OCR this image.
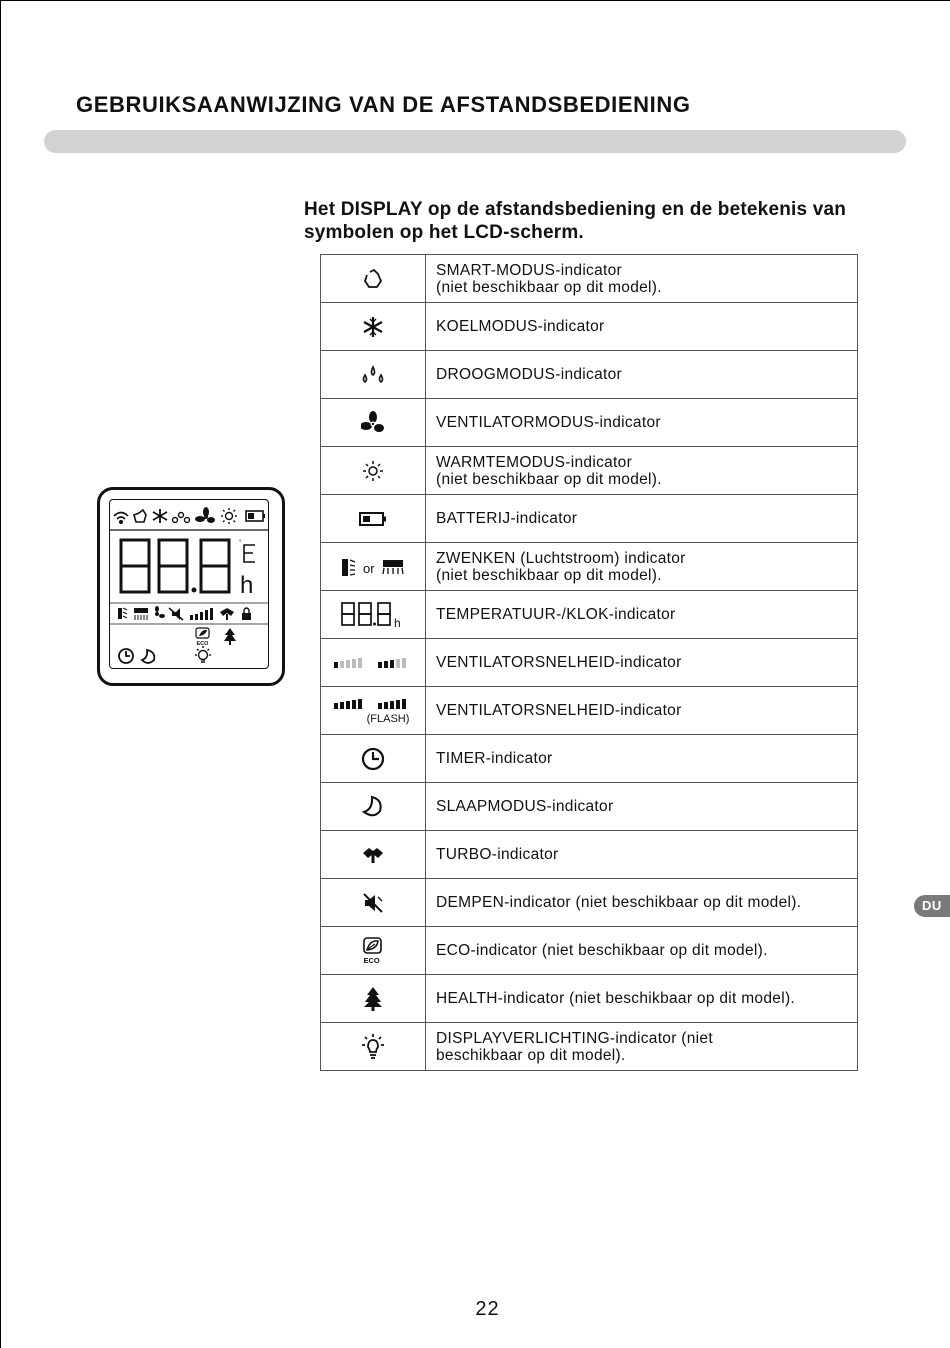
GEBRUIKSAANWIJZING VAN DE AFSTANDSBEDIENING
Het DISPLAY op de afstandsbediening en de betekenis van symbolen op het LCD-scherm.
°
h
ECO

SMART-MODUS-indicator
(niet beschikbaar op dit model).

KOELMODUS-indicator

DROOGMODUS-indicator

VENTILATORMODUS-indicator

WARMTEMODUS-indicator
(niet beschikbaar op dit model).

BATTERIJ-indicator

or	ZWENKEN (Luchtstroom) indicator
(niet beschikbaar op dit model).

h	TEMPERATUUR-/KLOK-indicator

VENTILATORSNELHEID-indicator

(FLASH)	VENTILATORSNELHEID-indicator

TIMER-indicator

SLAAPMODUS-indicator

TURBO-indicator

DEMPEN-indicator (niet beschikbaar op dit model).

ECO	ECO-indicator (niet beschikbaar op dit model).

HEALTH-indicator (niet beschikbaar op dit model).

DISPLAYVERLICHTING-indicator (niet
beschikbaar op dit model).
DU
22
